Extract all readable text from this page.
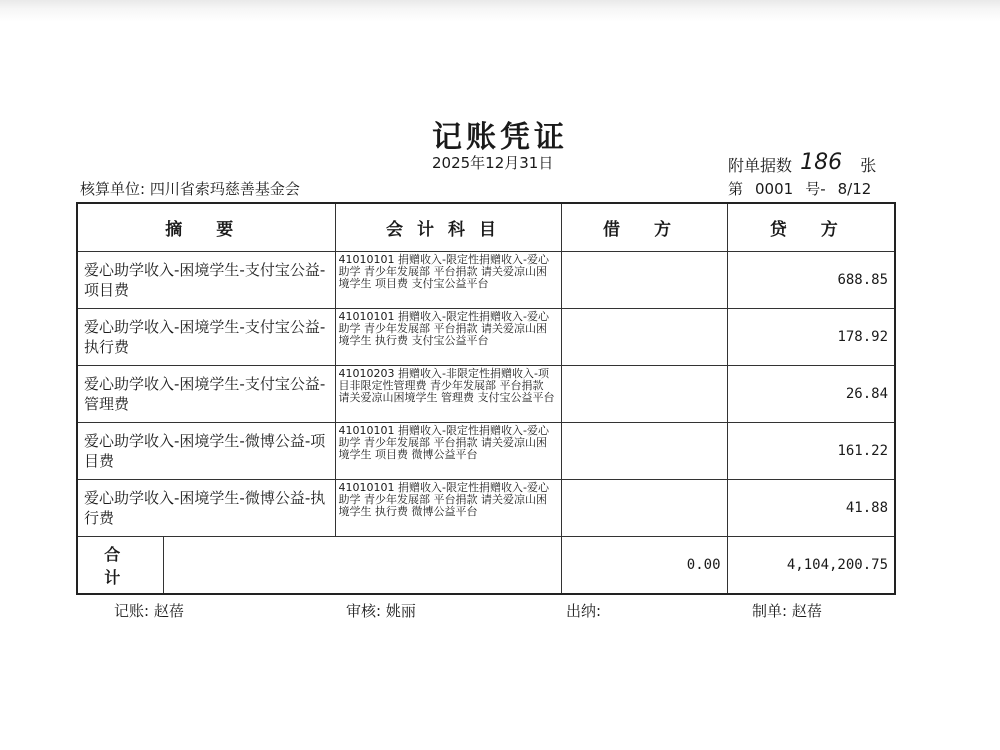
记账凭证
2025年12月31日	附单据数 186 张
核算单位: 四川省索玛慈善基金会	第 0001 号- 8/12
摘 要		会计科目	借 方	贷 方
爱心助学收入-困境学生-支付宝公益-项目费		41010101 捐赠收入-限定性捐赠收入-爱心助学 青少年发展部 平台捐款 请关爱凉山困境学生 项目费 支付宝公益平台		688.85
爱心助学收入-困境学生-支付宝公益-执行费		41010101 捐赠收入-限定性捐赠收入-爱心助学 青少年发展部 平台捐款 请关爱凉山困境学生 执行费 支付宝公益平台		178.92
爱心助学收入-困境学生-支付宝公益-管理费		41010203 捐赠收入-非限定性捐赠收入-项目非限定性管理费 青少年发展部 平台捐款 请关爱凉山困境学生 管理费 支付宝公益平台		26.84
爱心助学收入-困境学生-微博公益-项目费		41010101 捐赠收入-限定性捐赠收入-爱心助学 青少年发展部 平台捐款 请关爱凉山困境学生 项目费 微博公益平台		161.22
爱心助学收入-困境学生-微博公益-执行费		41010101 捐赠收入-限定性捐赠收入-爱心助学 青少年发展部 平台捐款 请关爱凉山困境学生 执行费 微博公益平台		41.88
合 计			0.00	4,104,200.75
记账: 赵蓓	审核: 姚丽	出纳:	制单: 赵蓓
